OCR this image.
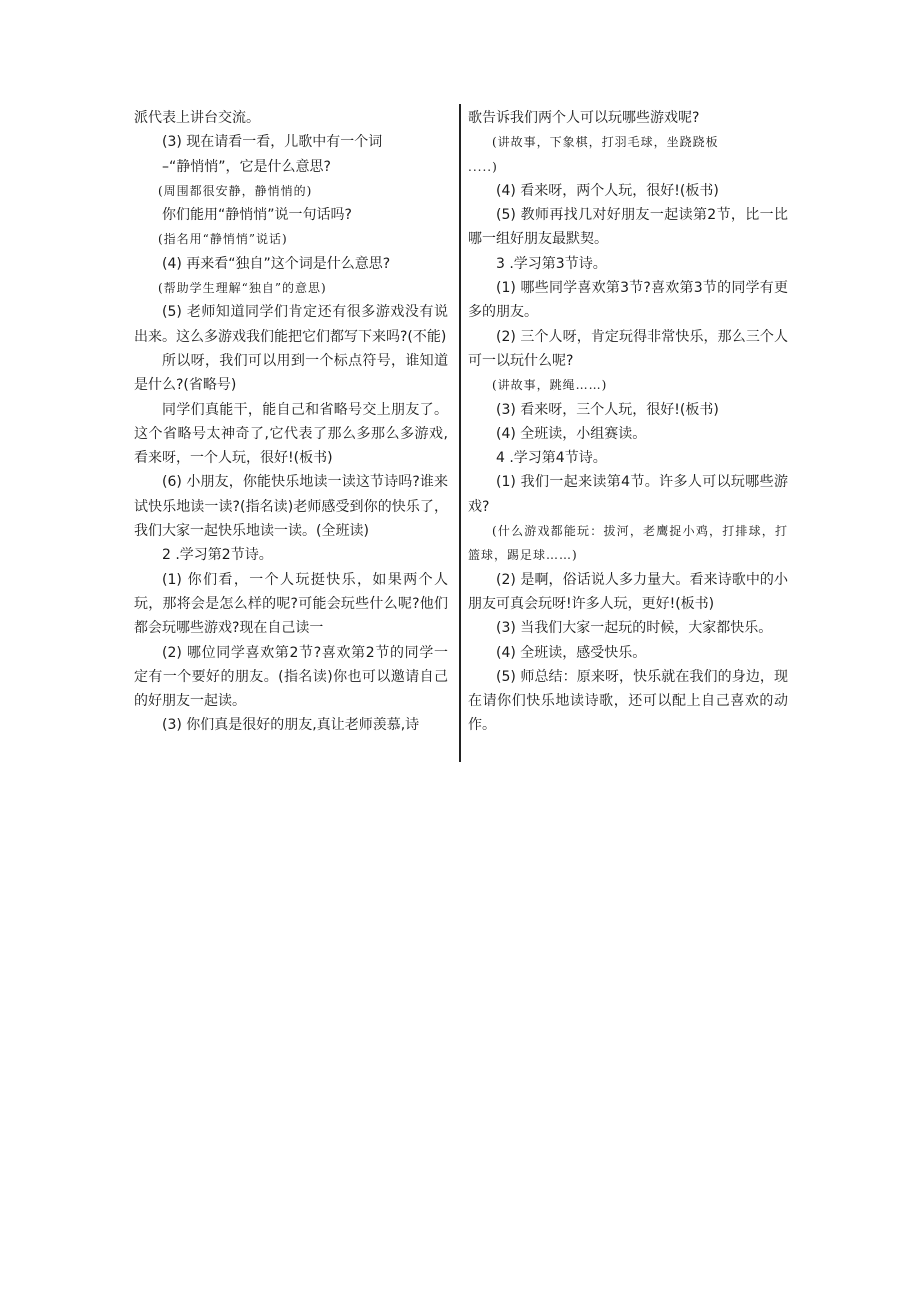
派代表上讲台交流。

(3) 现在请看一看，儿歌中有一个词

–“静悄悄”，它是什么意思?

(周围都很安静，静悄悄的)

你们能用“静悄悄”说一句话吗?

(指名用“静悄悄”说话)

(4) 再来看“独自”这个词是什么意思?

(帮助学生理解“独自”的意思)

(5) 老师知道同学们肯定还有很多游戏没有说出来。这么多游戏我们能把它们都写下来吗?(不能)

所以呀，我们可以用到一个标点符号，谁知道是什么?(省略号)

同学们真能干，能自己和省略号交上朋友了。这个省略号太神奇了,它代表了那么多那么多游戏,看来呀，一个人玩，很好!(板书)

(6) 小朋友，你能快乐地读一读这节诗吗?谁来试快乐地读一读?(指名读)老师感受到你的快乐了，我们大家一起快乐地读一读。(全班读)

2 .学习第2节诗。

(1) 你们看，一个人玩挺快乐，如果两个人玩，那将会是怎么样的呢?可能会玩些什么呢?他们都会玩哪些游戏?现在自己读一

(2) 哪位同学喜欢第2节?喜欢第2节的同学一定有一个要好的朋友。(指名读)你也可以邀请自己的好朋友一起读。

(3) 你们真是很好的朋友,真让老师羡慕,诗

歌告诉我们两个人可以玩哪些游戏呢?

(讲故事，下象棋，打羽毛球，坐跷跷板

.....)

(4) 看来呀，两个人玩，很好!(板书)

(5) 教师再找几对好朋友一起读第2节，比一比哪一组好朋友最默契。

3 .学习第3节诗。

(1) 哪些同学喜欢第3节?喜欢第3节的同学有更多的朋友。

(2) 三个人呀，肯定玩得非常快乐，那么三个人可一以玩什么呢?

(讲故事，跳绳……)

(3) 看来呀，三个人玩，很好!(板书)

(4) 全班读，小组赛读。

4 .学习第4节诗。

(1) 我们一起来读第4节。许多人可以玩哪些游戏?

(什么游戏都能玩：拔河，老鹰捉小鸡，打排球，打篮球，踢足球……)

(2) 是啊，俗话说人多力量大。看来诗歌中的小朋友可真会玩呀!许多人玩，更好!(板书)

(3) 当我们大家一起玩的时候，大家都快乐。

(4) 全班读，感受快乐。

(5) 师总结：原来呀，快乐就在我们的身边，现在请你们快乐地读诗歌，还可以配上自己喜欢的动作。
